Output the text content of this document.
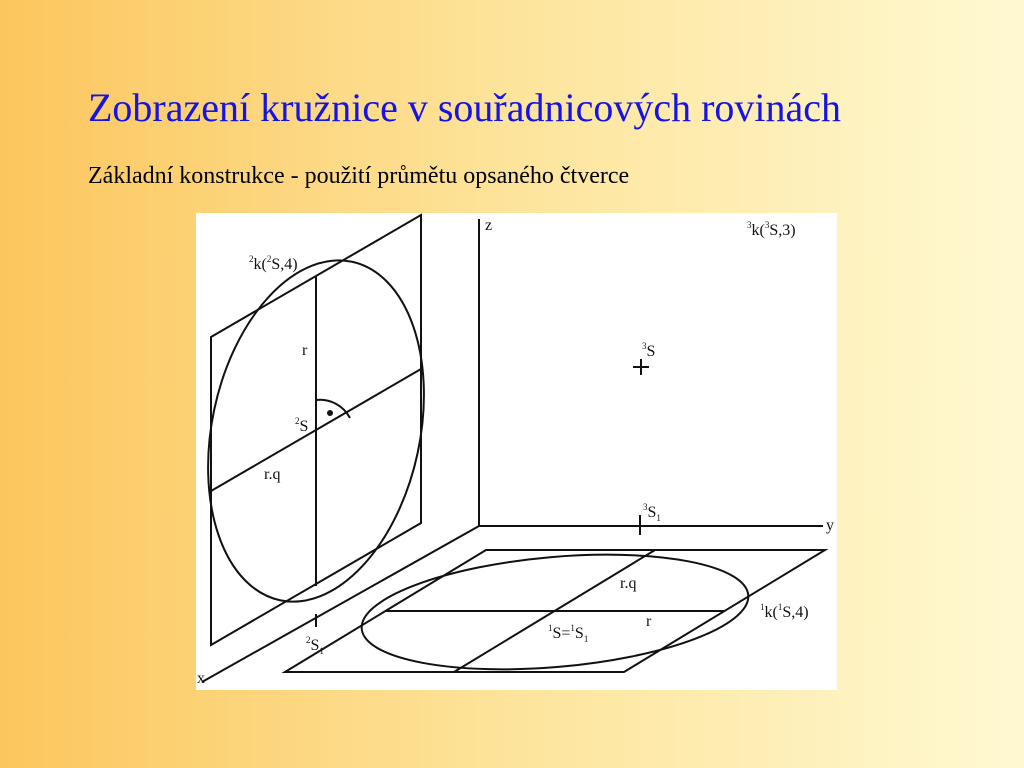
Zobrazení kružnice v souřadnicových rovinách

Základní konstrukce - použití průmětu opsaného čtverce

z
y
x
$^2$k($^2$S,4)
$^3$k($^3$S,3)
$^1$k($^1$S,4)
$^3$S
$^2$S
$^3S_1$
$^2S_1$
$^1S=^1S_1$
r
r.q
r.q
r
